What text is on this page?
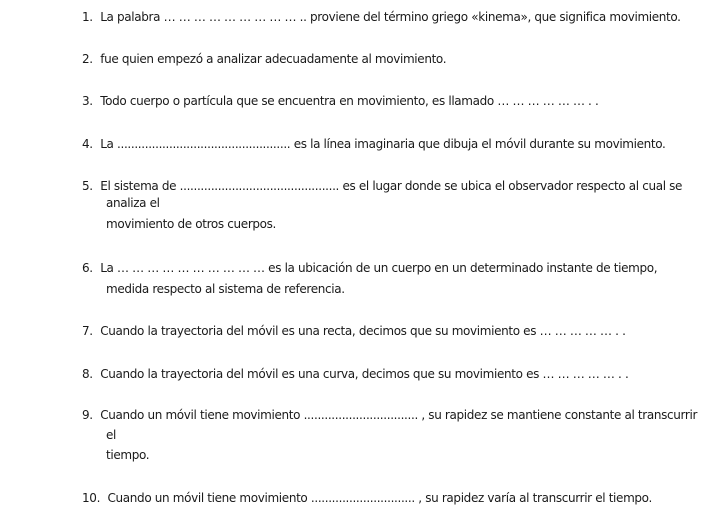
1. La palabra … … … … … … … … … .. proviene del término griego «kinema», que significa movimiento.
2. fue quien empezó a analizar adecuadamente al movimiento.
3. Todo cuerpo o partícula que se encuentra en movimiento, es llamado … … … … … … . .
4. La .................................................. es la línea imaginaria que dibuja el móvil durante su movimiento.
5. El sistema de .............................................. es el lugar donde se ubica el observador respecto al cual se
analiza el
movimiento de otros cuerpos.
6. La … … … … … … … … … … es la ubicación de un cuerpo en un determinado instante de tiempo,
medida respecto al sistema de referencia.
7. Cuando la trayectoria del móvil es una recta, decimos que su movimiento es … … … … … . .
8. Cuando la trayectoria del móvil es una curva, decimos que su movimiento es … … … … … . .
9. Cuando un móvil tiene movimiento ................................. , su rapidez se mantiene constante al transcurrir
el
tiempo.
10. Cuando un móvil tiene movimiento .............................. , su rapidez varía al transcurrir el tiempo.
